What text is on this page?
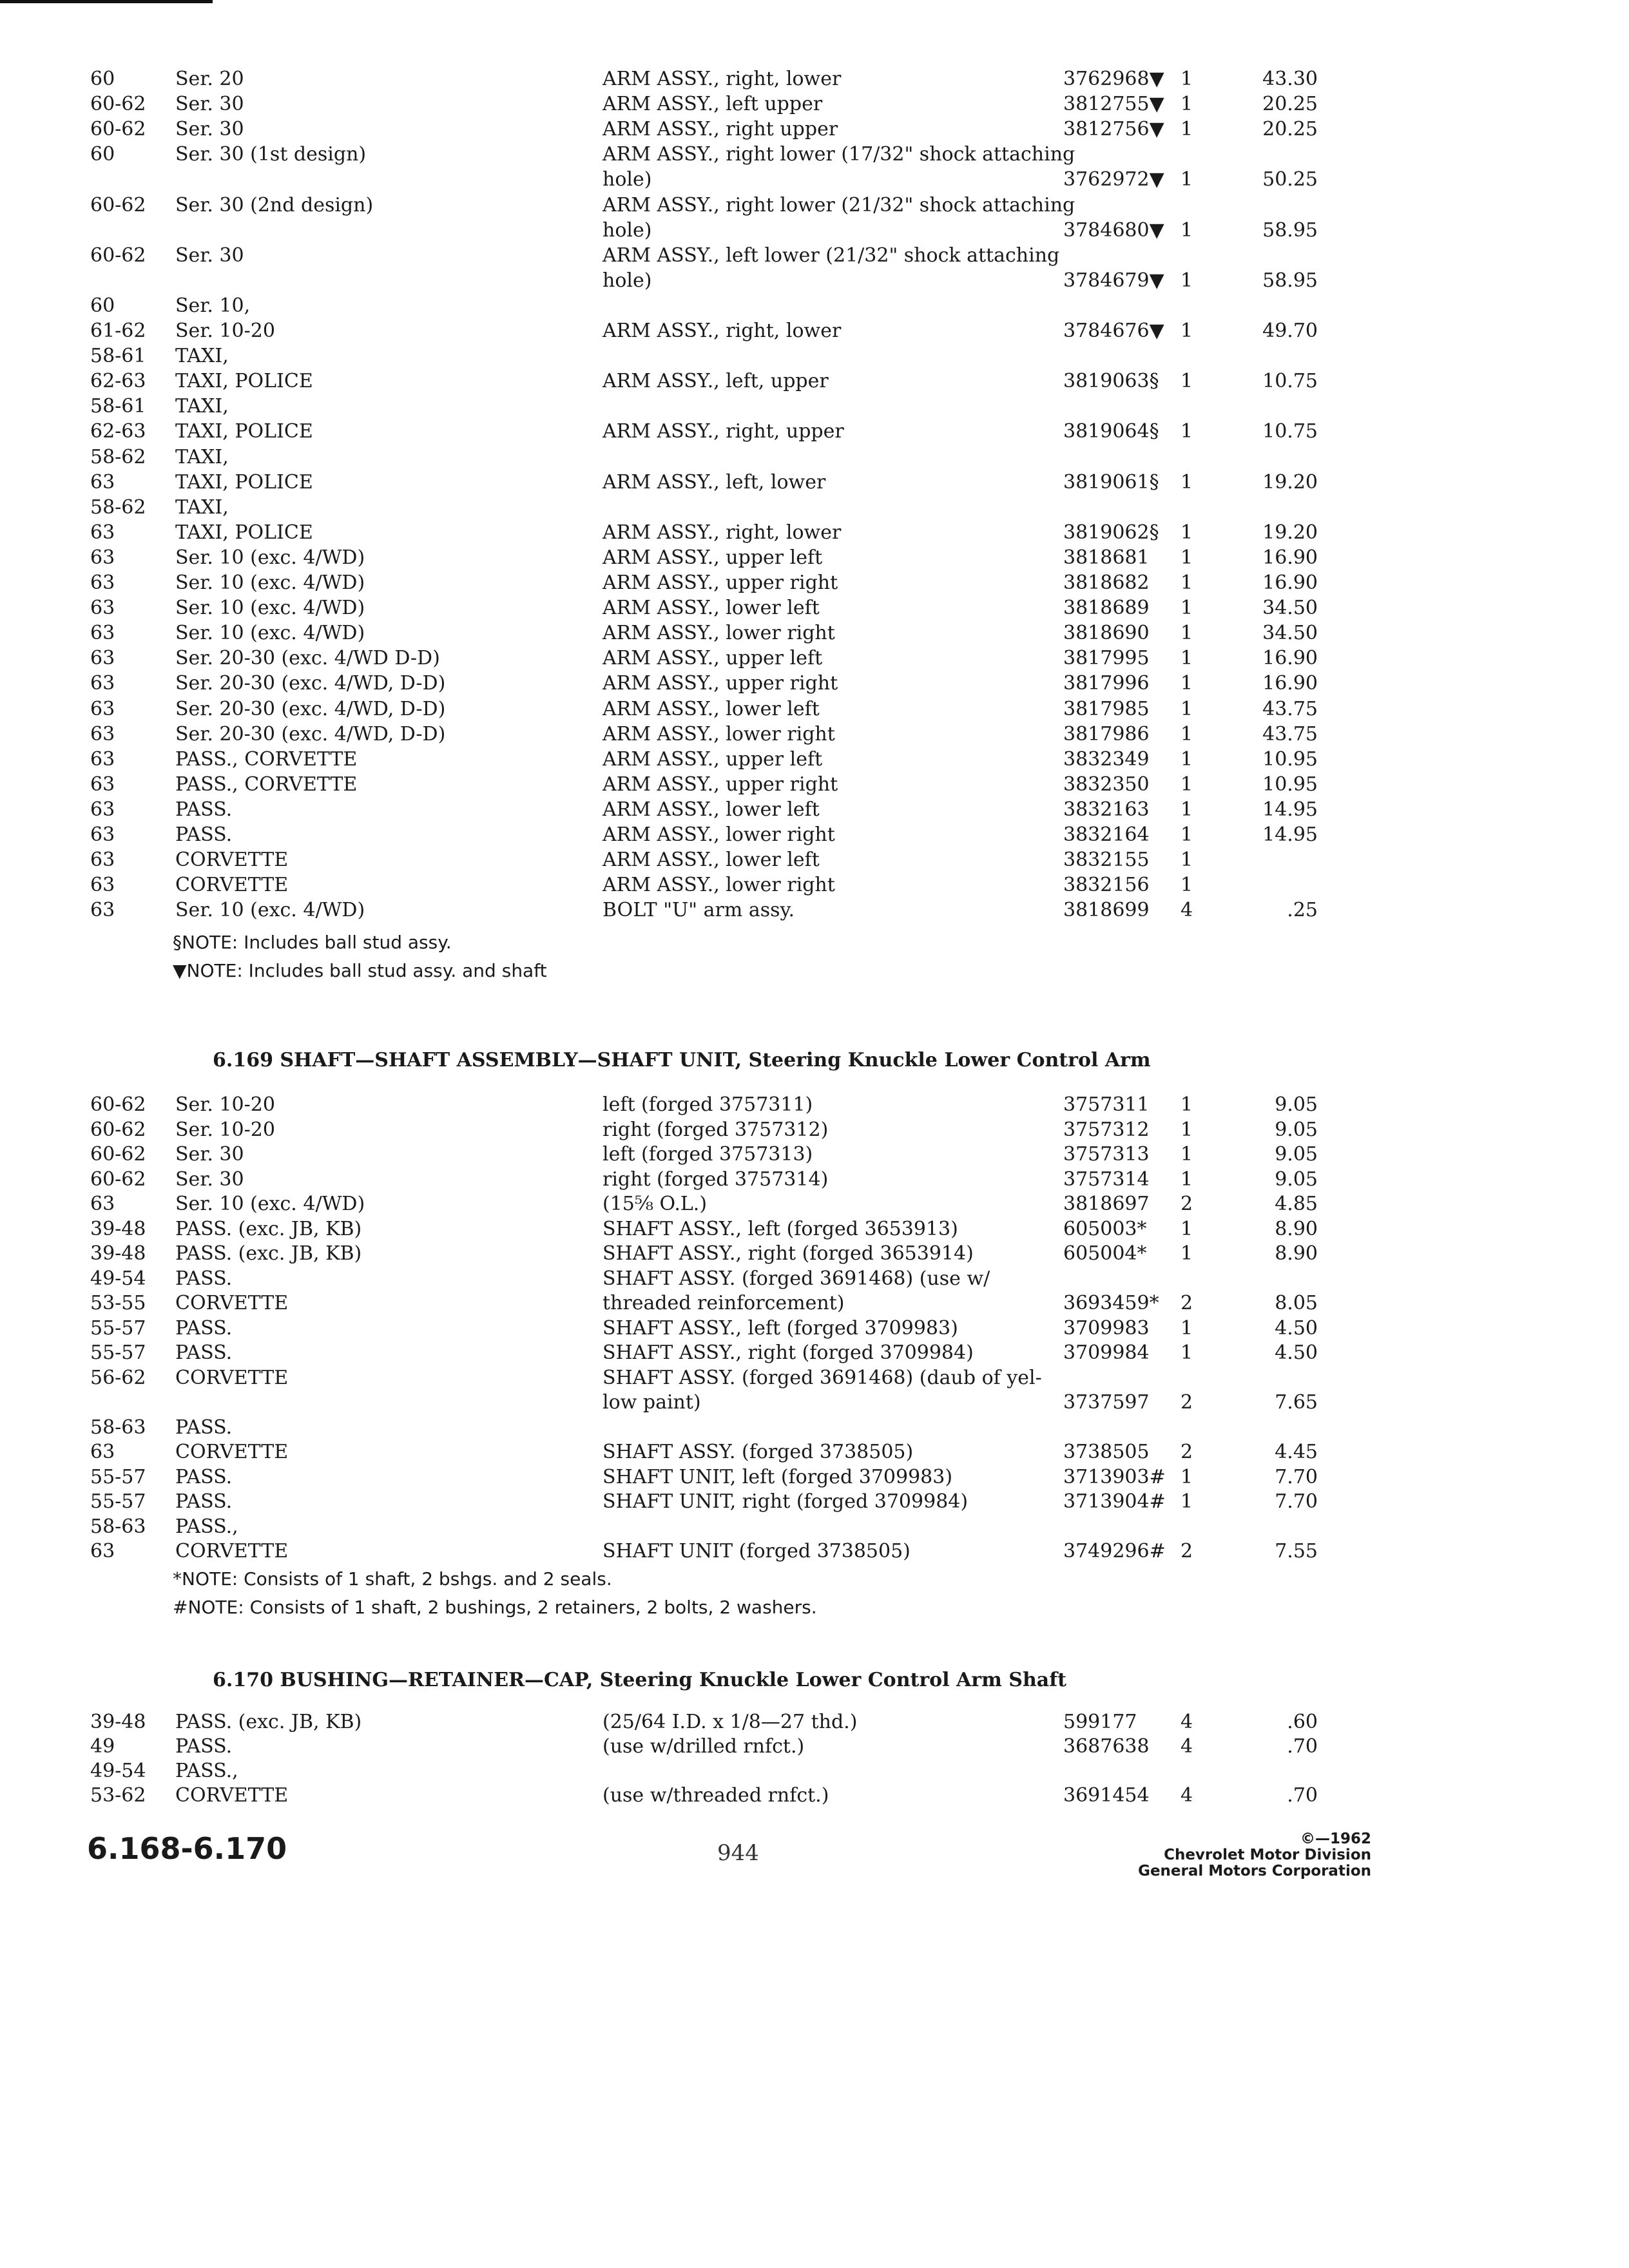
60	Ser. 20	ARM ASSY., right, lower	3762968▼ 1	43.30
60-62 Ser. 30	ARM ASSY., left upper	3812755▼ 1	20.25
60-62 Ser. 30	ARM ASSY., right upper	3812756▼ 1	20.25
60	Ser. 30 (1st design)	ARM ASSY., right lower (17/32" shock attaching
hole)	3762972▼ 1	50.25
60-62 Ser. 30 (2nd design)	ARM ASSY., right lower (21/32" shock attaching
hole)	3784680▼ 1	58.95
60-62 Ser. 30	ARM ASSY., left lower (21/32" shock attaching
hole)	3784679▼ 1	58.95
60	Ser. 10,
61-62 Ser. 10-20	ARM ASSY., right, lower	3784676▼ 1	49.70
58-61 TAXI,
62-63 TAXI, POLICE	ARM ASSY., left, upper	3819063§ 1	10.75
58-61 TAXI,
62-63 TAXI, POLICE	ARM ASSY., right, upper	3819064§ 1	10.75
58-62 TAXI,
63	TAXI, POLICE	ARM ASSY., left, lower	3819061§ 1	19.20
58-62 TAXI,
63	TAXI, POLICE	ARM ASSY., right, lower	3819062§ 1	19.20
63	Ser. 10 (exc. 4/WD)	ARM ASSY., upper left	3818681 1	16.90
63	Ser. 10 (exc. 4/WD)	ARM ASSY., upper right	3818682 1	16.90
63	Ser. 10 (exc. 4/WD)	ARM ASSY., lower left	3818689 1	34.50
63	Ser. 10 (exc. 4/WD)	ARM ASSY., lower right	3818690 1	34.50
63	Ser. 20-30 (exc. 4/WD D-D)	ARM ASSY., upper left	3817995 1	16.90
63	Ser. 20-30 (exc. 4/WD, D-D)	ARM ASSY., upper right	3817996 1	16.90
63	Ser. 20-30 (exc. 4/WD, D-D)	ARM ASSY., lower left	3817985 1	43.75
63	Ser. 20-30 (exc. 4/WD, D-D)	ARM ASSY., lower right	3817986 1	43.75
63	PASS., CORVETTE	ARM ASSY., upper left	3832349 1	10.95
63	PASS., CORVETTE	ARM ASSY., upper right	3832350 1	10.95
63	PASS.	ARM ASSY., lower left	3832163 1	14.95
63	PASS.	ARM ASSY., lower right	3832164 1	14.95
63	CORVETTE	ARM ASSY., lower left	3832155 1
63	CORVETTE	ARM ASSY., lower right	3832156 1
63	Ser. 10 (exc. 4/WD)	BOLT "U" arm assy.	3818699 4	.25
§NOTE: Includes ball stud assy.
▼NOTE: Includes ball stud assy. and shaft
6.169 SHAFT—SHAFT ASSEMBLY—SHAFT UNIT, Steering Knuckle Lower Control Arm
60-62 Ser. 10-20	left (forged 3757311)	3757311 1	9.05
60-62 Ser. 10-20	right (forged 3757312)	3757312 1	9.05
60-62 Ser. 30	left (forged 3757313)	3757313 1	9.05
60-62 Ser. 30	right (forged 3757314)	3757314 1	9.05
63	Ser. 10 (exc. 4/WD)	(15⅝ O.L.)	3818697 2	4.85
39-48 PASS. (exc. JB, KB)	SHAFT ASSY., left (forged 3653913)	605003* 1	8.90
39-48 PASS. (exc. JB, KB)	SHAFT ASSY., right (forged 3653914)	605004* 1	8.90
49-54 PASS.	SHAFT ASSY. (forged 3691468) (use w/
53-55 CORVETTE	threaded reinforcement)	3693459* 2	8.05
55-57 PASS.	SHAFT ASSY., left (forged 3709983)	3709983 1	4.50
55-57 PASS.	SHAFT ASSY., right (forged 3709984)	3709984 1	4.50
56-62 CORVETTE	SHAFT ASSY. (forged 3691468) (daub of yel-
low paint)	3737597 2	7.65
58-63 PASS.
63	CORVETTE	SHAFT ASSY. (forged 3738505)	3738505 2	4.45
55-57 PASS.	SHAFT UNIT, left (forged 3709983)	3713903# 1	7.70
55-57 PASS.	SHAFT UNIT, right (forged 3709984)	3713904# 1	7.70
58-63 PASS.,
63	CORVETTE	SHAFT UNIT (forged 3738505)	3749296# 2	7.55
*NOTE: Consists of 1 shaft, 2 bshgs. and 2 seals.
#NOTE: Consists of 1 shaft, 2 bushings, 2 retainers, 2 bolts, 2 washers.
6.170 BUSHING—RETAINER—CAP, Steering Knuckle Lower Control Arm Shaft
39-48 PASS. (exc. JB, KB)	(25/64 I.D. x 1/8—27 thd.)	599177 4	.60
49	PASS.	(use w/drilled rnfct.)	3687638 4	.70
49-54 PASS.,
53-62 CORVETTE	(use w/threaded rnfct.)	3691454 4	.70
6.168-6.170	944
©—1962
Chevrolet Motor Division
General Motors Corporation
